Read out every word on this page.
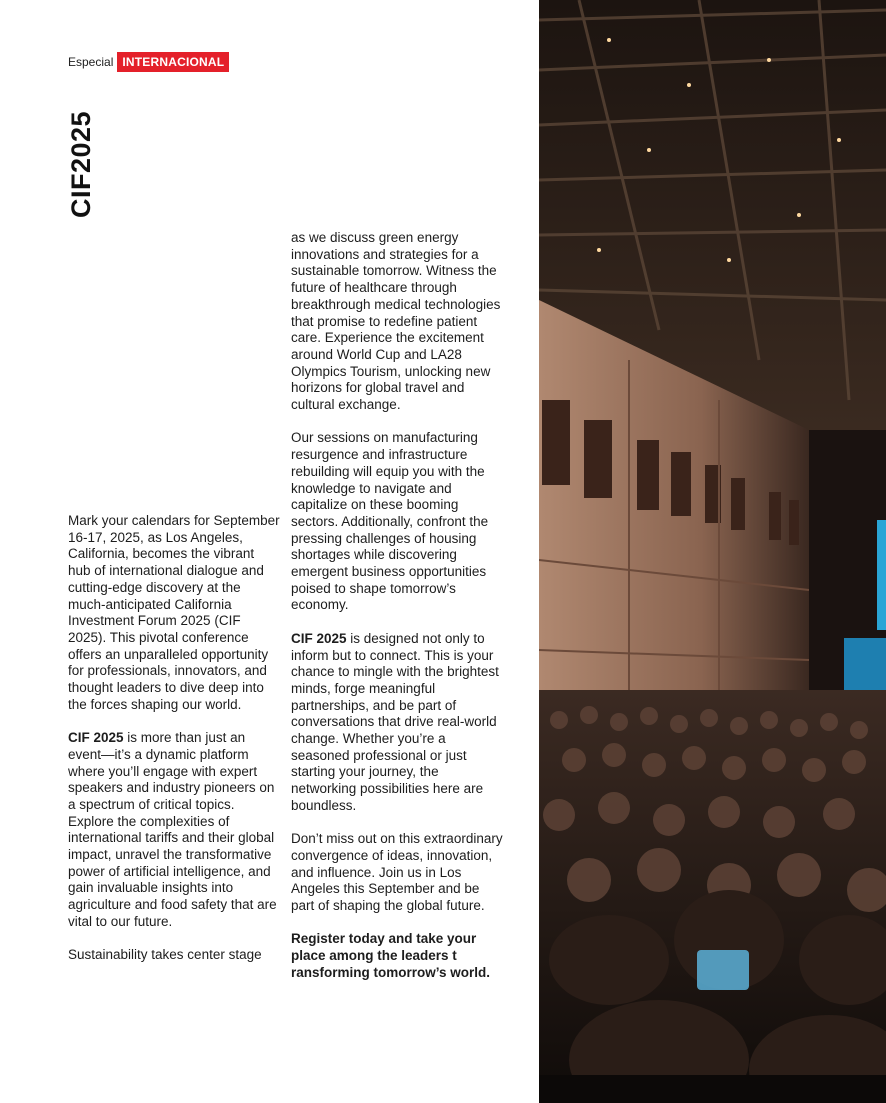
Especial INTERNACIONAL
CIF2025

Mark your calendars for September 16-17, 2025, as Los Angeles, California, becomes the vibrant hub of international dialogue and cutting-edge discovery at the much-anticipated California Investment Forum 2025 (CIF 2025). This pivotal conference offers an unparalleled opportunity for professionals, innovators, and thought leaders to dive deep into the forces shaping our world.

CIF 2025 is more than just an event—it’s a dynamic platform where you’ll engage with expert speakers and industry pioneers on a spectrum of critical topics. Explore the complexities of international tariffs and their global impact, unravel the transformative power of artificial intelligence, and gain invaluable insights into agriculture and food safety that are vital to our future.

Sustainability takes center stage

as we discuss green energy innovations and strategies for a sustainable tomorrow. Witness the future of healthcare through breakthrough medical technologies that promise to redefine patient care. Experience the excitement around World Cup and LA28 Olympics Tourism, unlocking new horizons for global travel and cultural exchange.

Our sessions on manufacturing resurgence and infrastructure rebuilding will equip you with the knowledge to navigate and capitalize on these booming sectors. Additionally, confront the pressing challenges of housing shortages while discovering emergent business opportunities poised to shape tomorrow’s economy.

CIF 2025 is designed not only to inform but to connect. This is your chance to mingle with the brightest minds, forge meaningful partnerships, and be part of conversations that drive real-world change. Whether you’re a seasoned professional or just starting your journey, the networking possibilities here are boundless.

Don’t miss out on this extraordinary convergence of ideas, innovation, and influence. Join us in Los Angeles this September and be part of shaping the global future.

Register today and take your
place among the leaders t
ransforming tomorrow’s world.
